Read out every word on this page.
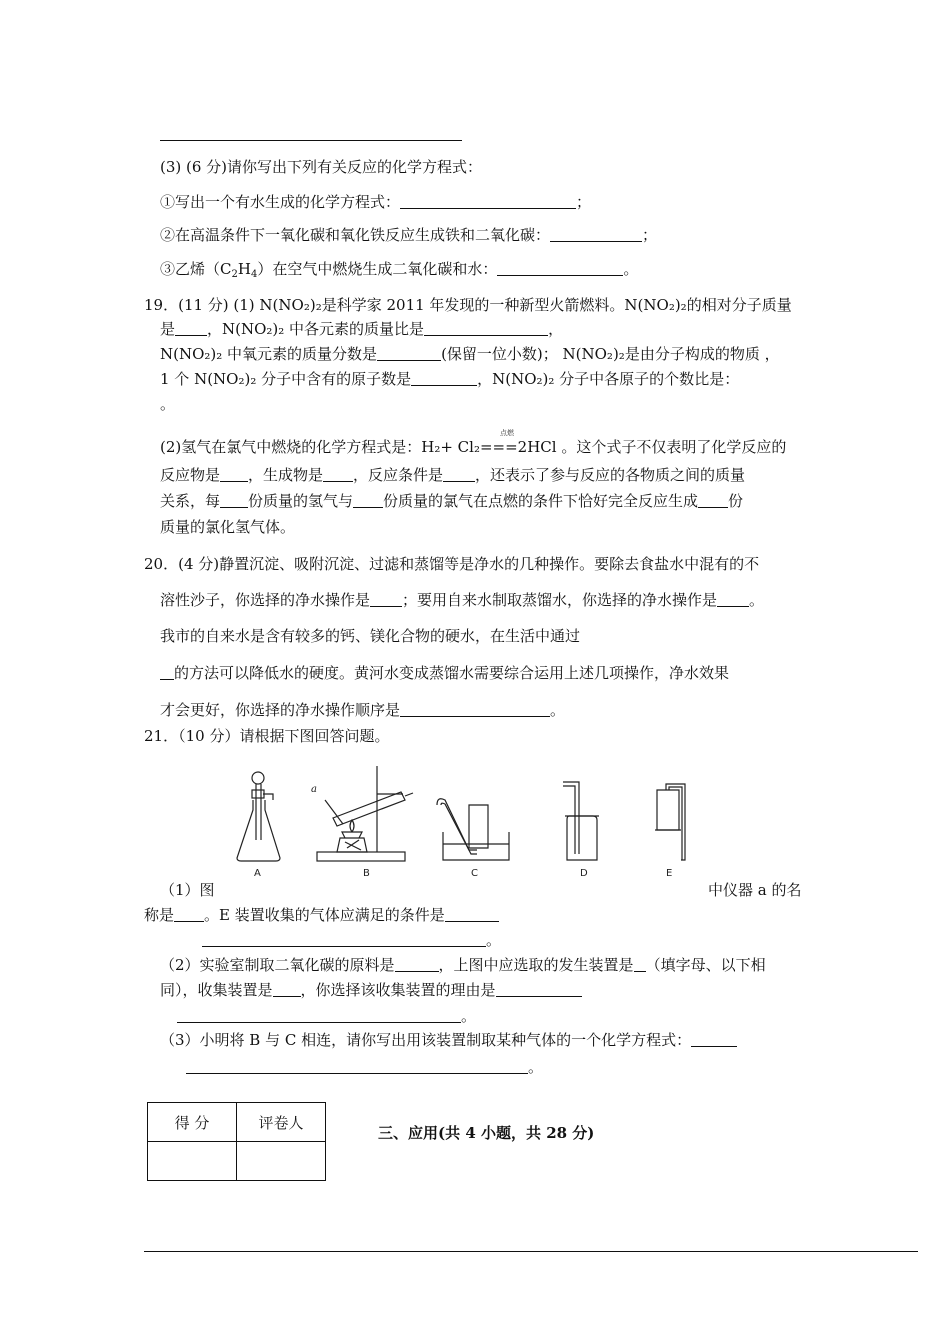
(3) (6 分)请你写出下列有关反应的化学方程式：
①写出一个有水生成的化学方程式：	；
②在高温条件下一氧化碳和氧化铁反应生成铁和二氧化碳：	；
③乙烯$(C_2H_4)$在空气中燃烧生成二氧化碳和水：	。
19．(11 分) (1) N(NO₂)₂是科学家 2011 年发现的一种新型火箭燃料。N(NO₂)₂的相对分子质量
是 ，N(NO₂)₂ 中各元素的质量比是	，
N(NO₂)₂ 中氧元素的质量分数是	(保留一位小数)； N(NO₂)₂是由分子构成的物质 ，
1 个 N(NO₂)₂ 分子中含有的原子数是	，N(NO₂)₂ 分子中各原子的个数比是：
。
点燃
(2)氢气在氯气中燃烧的化学方程式是：H₂+ Cl₂===2HCl 。这个式子不仅表明了化学反应的
反应物是 ，生成物是 ，反应条件是 ，还表示了参与反应的各物质之间的质量
关系，每 份质量的氢气与 份质量的氯气在点燃的条件下恰好完全反应生成 份
质量的氯化氢气体。
20．(4 分)静置沉淀、吸附沉淀、过滤和蒸馏等是净水的几种操作。要除去食盐水中混有的不
溶性沙子，你选择的净水操作是 ；要用自来水制取蒸馏水，你选择的净水操作是 。
我市的自来水是含有较多的钙、镁化合物的硬水，在生活中通过
的方法可以降低水的硬度。黄河水变成蒸馏水需要综合运用上述几项操作，净水效果
才会更好，你选择的净水操作顺序是	。
21．（10 分）请根据下图回答问题。
A	B	C	D	E
a
（1）图	中仪器 a 的名
称是 。E 装置收集的气体应满足的条件是
。
（2）实验室制取二氧化碳的原料是	，上图中应选取的发生装置是 （填字母、以下相
同），收集装置是 ，你选择该收集装置的理由是
。
（3）小明将 B 与 C 相连，请你写出用该装置制取某种气体的一个化学方程式：
。
得 分	评卷人

三、应用(共 4 小题，共 28 分)
